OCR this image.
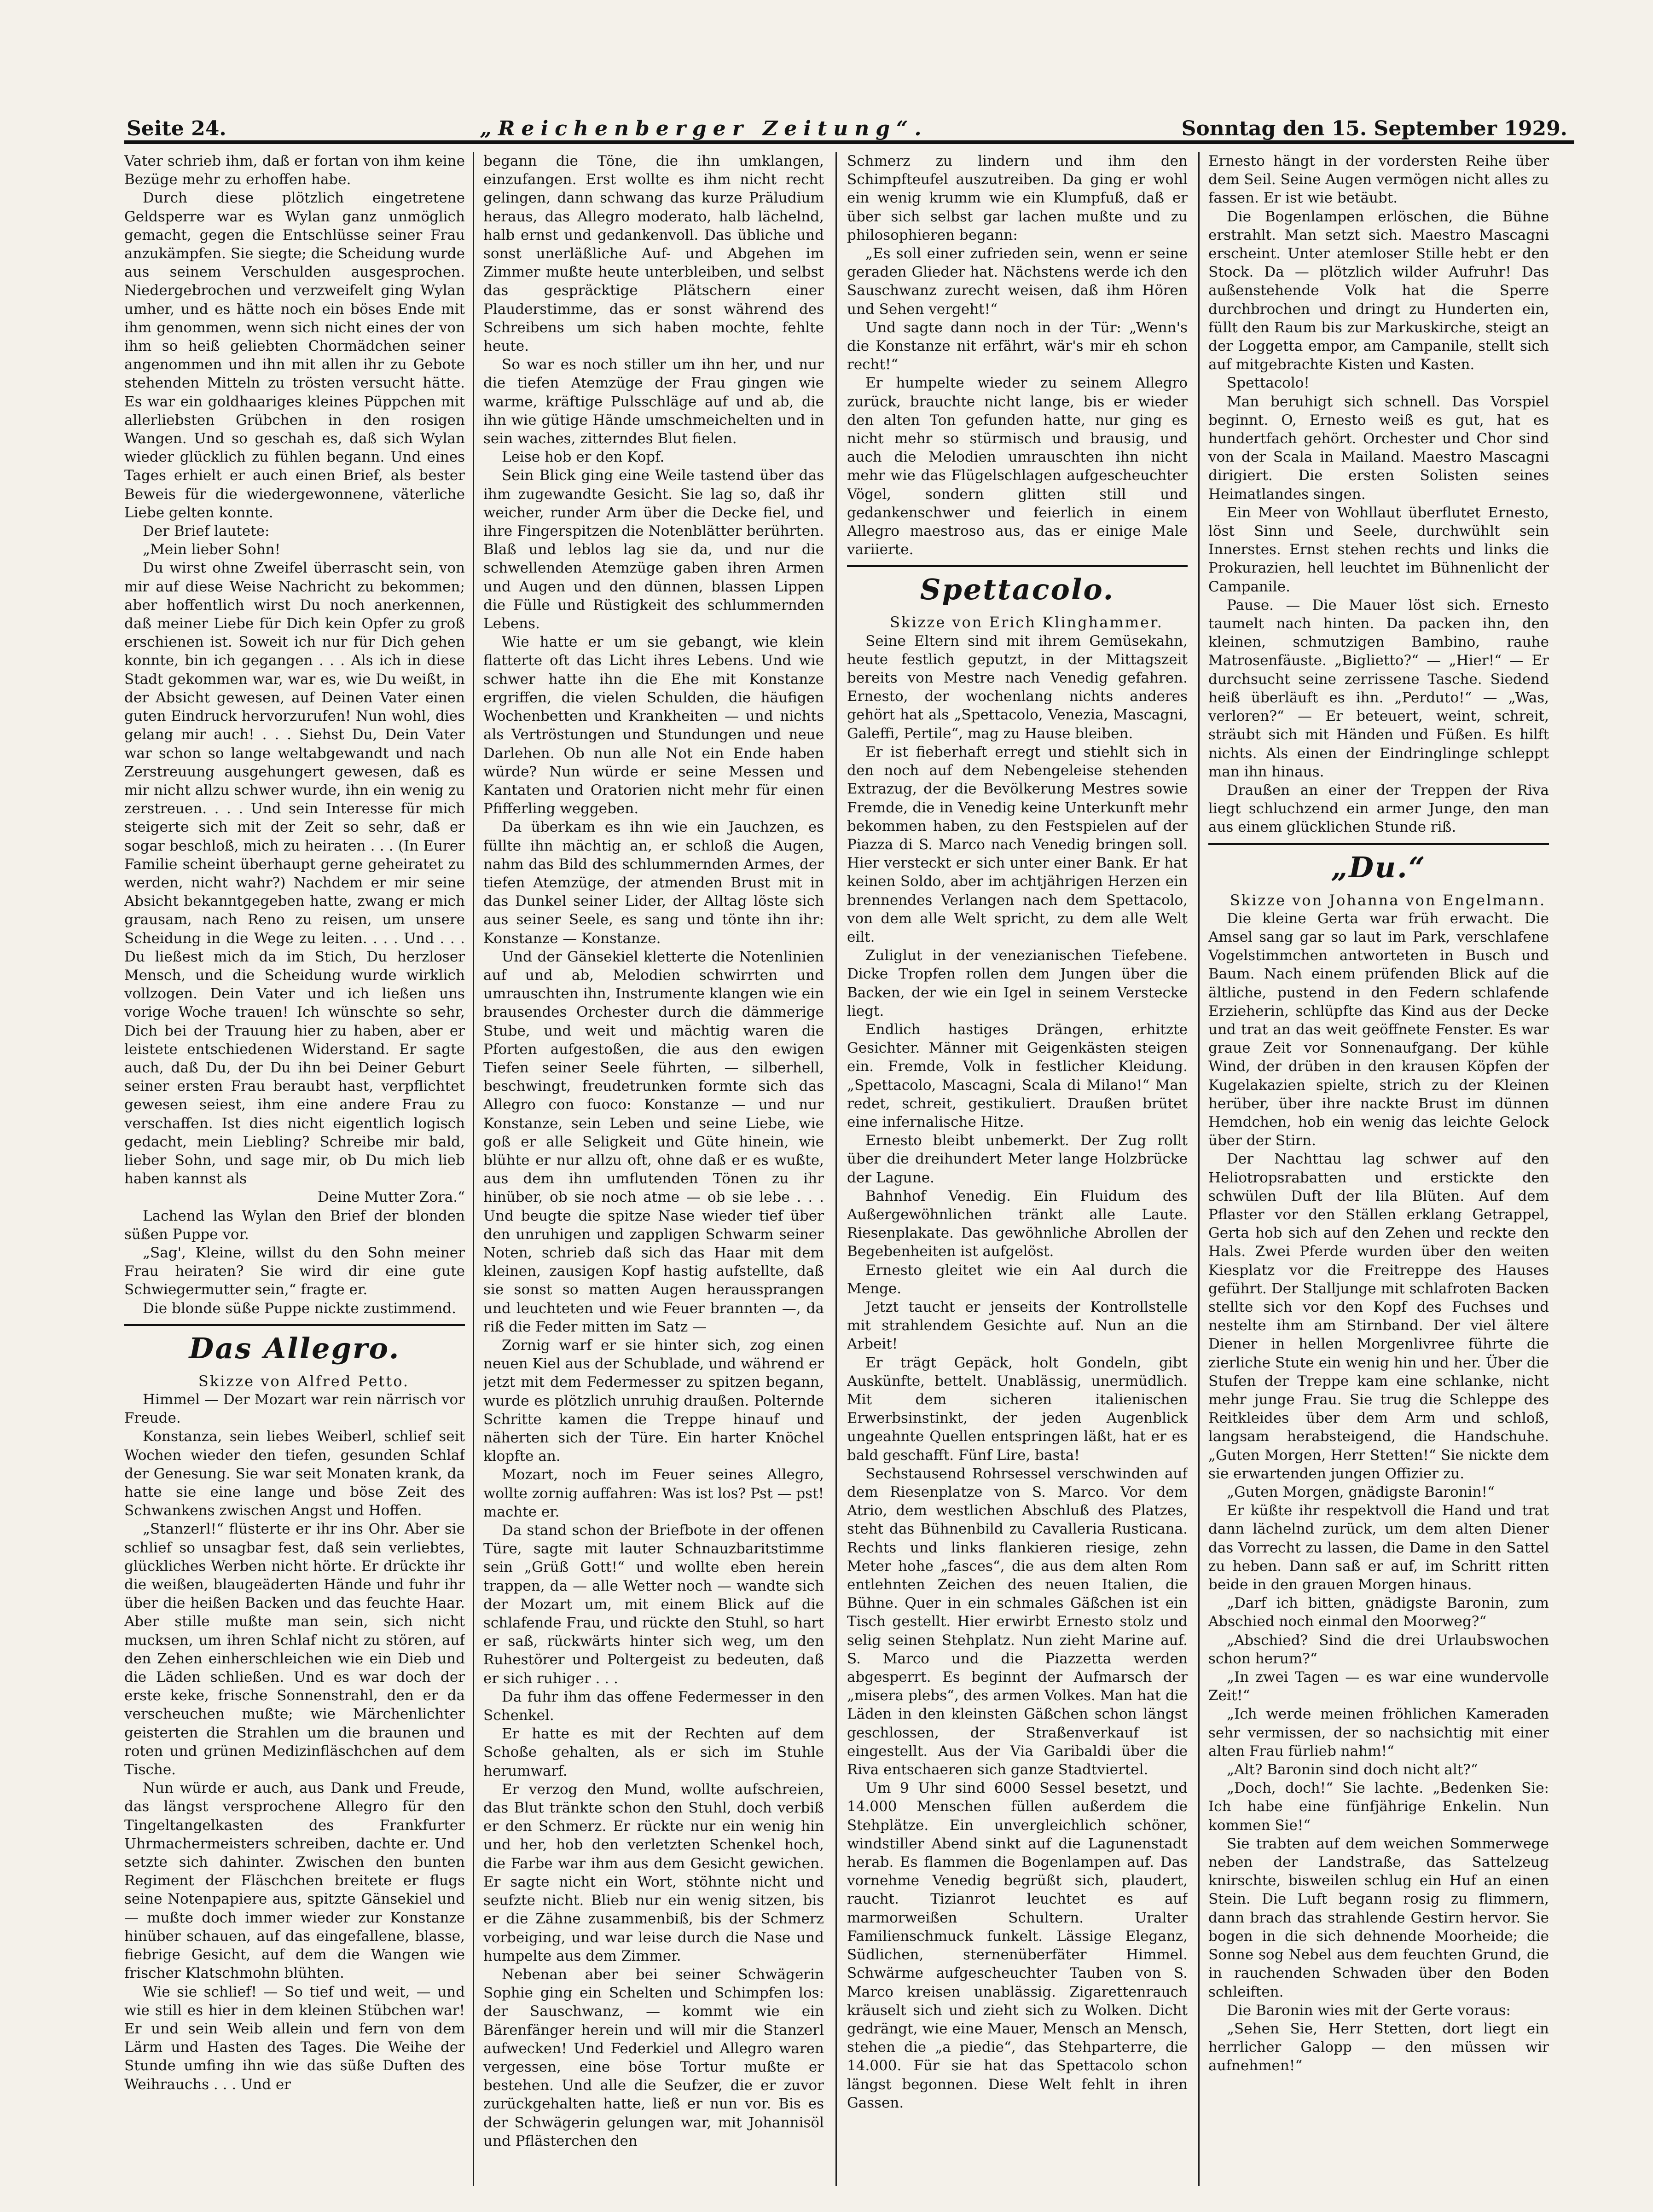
Seite 24.	„Reichenberger Zeitung“.	Sonntag den 15. September 1929.

Vater schrieb ihm, daß er fortan von ihm keine Bezüge mehr zu erhoffen habe.

Durch diese plötzlich eingetretene Geldsperre war es Wylan ganz unmöglich gemacht, gegen die Entschlüsse seiner Frau anzukämpfen. Sie siegte; die Scheidung wurde aus seinem Verschulden ausgesprochen. Niedergebrochen und verzweifelt ging Wylan umher, und es hätte noch ein böses Ende mit ihm genommen, wenn sich nicht eines der von ihm so heiß geliebten Chormädchen seiner angenommen und ihn mit allen ihr zu Gebote stehenden Mitteln zu trösten versucht hätte. Es war ein goldhaariges kleines Püppchen mit allerliebsten Grübchen in den rosigen Wangen. Und so geschah es, daß sich Wylan wieder glücklich zu fühlen begann. Und eines Tages erhielt er auch einen Brief, als bester Beweis für die wiedergewonnene, väterliche Liebe gelten konnte.

Der Brief lautete:

„Mein lieber Sohn!

Du wirst ohne Zweifel überrascht sein, von mir auf diese Weise Nachricht zu bekommen; aber hoffentlich wirst Du noch anerkennen, daß meiner Liebe für Dich kein Opfer zu groß erschienen ist. Soweit ich nur für Dich gehen konnte, bin ich gegangen . . . Als ich in diese Stadt gekommen war, war es, wie Du weißt, in der Absicht gewesen, auf Deinen Vater einen guten Eindruck hervorzurufen! Nun wohl, dies gelang mir auch! . . . Siehst Du, Dein Vater war schon so lange weltabgewandt und nach Zerstreuung ausgehungert gewesen, daß es mir nicht allzu schwer wurde, ihn ein wenig zu zerstreuen. . . . Und sein Interesse für mich steigerte sich mit der Zeit so sehr, daß er sogar beschloß, mich zu heiraten . . . (In Eurer Familie scheint überhaupt gerne geheiratet zu werden, nicht wahr?) Nachdem er mir seine Absicht bekanntgegeben hatte, zwang er mich grausam, nach Reno zu reisen, um unsere Scheidung in die Wege zu leiten. . . . Und . . . Du ließest mich da im Stich, Du herzloser Mensch, und die Scheidung wurde wirklich vollzogen. Dein Vater und ich ließen uns vorige Woche trauen! Ich wünschte so sehr, Dich bei der Trauung hier zu haben, aber er leistete entschiedenen Widerstand. Er sagte auch, daß Du, der Du ihn bei Deiner Geburt seiner ersten Frau beraubt hast, verpflichtet gewesen seiest, ihm eine andere Frau zu verschaffen. Ist dies nicht eigentlich logisch gedacht, mein Liebling? Schreibe mir bald, lieber Sohn, und sage mir, ob Du mich lieb haben kannst als

Deine Mutter Zora.“

Lachend las Wylan den Brief der blonden süßen Puppe vor.

„Sag', Kleine, willst du den Sohn meiner Frau heiraten? Sie wird dir eine gute Schwiegermutter sein,“ fragte er.

Die blonde süße Puppe nickte zustimmend.

Das Allegro.

Skizze von Alfred Petto.

Himmel — Der Mozart war rein närrisch vor Freude.

Konstanza, sein liebes Weiberl, schlief seit Wochen wieder den tiefen, gesunden Schlaf der Genesung. Sie war seit Monaten krank, da hatte sie eine lange und böse Zeit des Schwankens zwischen Angst und Hoffen.

„Stanzerl!“ flüsterte er ihr ins Ohr. Aber sie schlief so unsagbar fest, daß sein verliebtes, glückliches Werben nicht hörte. Er drückte ihr die weißen, blaugeäderten Hände und fuhr ihr über die heißen Backen und das feuchte Haar. Aber stille mußte man sein, sich nicht mucksen, um ihren Schlaf nicht zu stören, auf den Zehen einherschleichen wie ein Dieb und die Läden schließen. Und es war doch der erste keke, frische Sonnenstrahl, den er da verscheuchen mußte; wie Märchenlichter geisterten die Strahlen um die braunen und roten und grünen Medizinfläschchen auf dem Tische.

Nun würde er auch, aus Dank und Freude, das längst versprochene Allegro für den Tingeltangelkasten des Frankfurter Uhrmachermeisters schreiben, dachte er. Und setzte sich dahinter. Zwischen den bunten Regiment der Fläschchen breitete er flugs seine Notenpapiere aus, spitzte Gänsekiel und — mußte doch immer wieder zur Konstanze hinüber schauen, auf das eingefallene, blasse, fiebrige Gesicht, auf dem die Wangen wie frischer Klatschmohn blühten.

Wie sie schlief! — So tief und weit, — und wie still es hier in dem kleinen Stübchen war! Er und sein Weib allein und fern von dem Lärm und Hasten des Tages. Die Weihe der Stunde umfing ihn wie das süße Duften des Weihrauchs . . . Und er

begann die Töne, die ihn umklangen, einzufangen. Erst wollte es ihm nicht recht gelingen, dann schwang das kurze Präludium heraus, das Allegro moderato, halb lächelnd, halb ernst und gedankenvoll. Das übliche und sonst unerläßliche Auf- und Abgehen im Zimmer mußte heute unterbleiben, und selbst das gespräcktige Plätschern einer Plauderstimme, das er sonst während des Schreibens um sich haben mochte, fehlte heute.

So war es noch stiller um ihn her, und nur die tiefen Atemzüge der Frau gingen wie warme, kräftige Pulsschläge auf und ab, die ihn wie gütige Hände umschmeichelten und in sein waches, zitterndes Blut fielen.

Leise hob er den Kopf.

Sein Blick ging eine Weile tastend über das ihm zugewandte Gesicht. Sie lag so, daß ihr weicher, runder Arm über die Decke fiel, und ihre Fingerspitzen die Notenblätter berührten. Blaß und leblos lag sie da, und nur die schwellenden Atemzüge gaben ihren Armen und Augen und den dünnen, blassen Lippen die Fülle und Rüstigkeit des schlummernden Lebens.

Wie hatte er um sie gebangt, wie klein flatterte oft das Licht ihres Lebens. Und wie schwer hatte ihn die Ehe mit Konstanze ergriffen, die vielen Schulden, die häufigen Wochenbetten und Krankheiten — und nichts als Vertröstungen und Stundungen und neue Darlehen. Ob nun alle Not ein Ende haben würde? Nun würde er seine Messen und Kantaten und Oratorien nicht mehr für einen Pfifferling weggeben.

Da überkam es ihn wie ein Jauchzen, es füllte ihn mächtig an, er schloß die Augen, nahm das Bild des schlummernden Armes, der tiefen Atemzüge, der atmenden Brust mit in das Dunkel seiner Lider, der Alltag löste sich aus seiner Seele, es sang und tönte ihn ihr: Konstanze — Konstanze.

Und der Gänsekiel kletterte die Notenlinien auf und ab, Melodien schwirrten und umrauschten ihn, Instrumente klangen wie ein brausendes Orchester durch die dämmerige Stube, und weit und mächtig waren die Pforten aufgestoßen, die aus den ewigen Tiefen seiner Seele führten, — silberhell, beschwingt, freudetrunken formte sich das Allegro con fuoco: Konstanze — und nur Konstanze, sein Leben und seine Liebe, wie goß er alle Seligkeit und Güte hinein, wie blühte er nur allzu oft, ohne daß er es wußte, aus dem ihn umflutenden Tönen zu ihr hinüber, ob sie noch atme — ob sie lebe . . . Und beugte die spitze Nase wieder tief über den unruhigen und zappligen Schwarm seiner Noten, schrieb daß sich das Haar mit dem kleinen, zausigen Kopf hastig aufstellte, daß sie sonst so matten Augen heraussprangen und leuchteten und wie Feuer brannten —, da riß die Feder mitten im Satz —

Zornig warf er sie hinter sich, zog einen neuen Kiel aus der Schublade, und während er jetzt mit dem Federmesser zu spitzen begann, wurde es plötzlich unruhig draußen. Polternde Schritte kamen die Treppe hinauf und näherten sich der Türe. Ein harter Knöchel klopfte an.

Mozart, noch im Feuer seines Allegro, wollte zornig auffahren: Was ist los? Pst — pst! machte er.

Da stand schon der Briefbote in der offenen Türe, sagte mit lauter Schnauzbaritstimme sein „Grüß Gott!“ und wollte eben herein trappen, da — alle Wetter noch — wandte sich der Mozart um, mit einem Blick auf die schlafende Frau, und rückte den Stuhl, so hart er saß, rückwärts hinter sich weg, um den Ruhestörer und Poltergeist zu bedeuten, daß er sich ruhiger . . .

Da fuhr ihm das offene Federmesser in den Schenkel.

Er hatte es mit der Rechten auf dem Schoße gehalten, als er sich im Stuhle herumwarf.

Er verzog den Mund, wollte aufschreien, das Blut tränkte schon den Stuhl, doch verbiß er den Schmerz. Er rückte nur ein wenig hin und her, hob den verletzten Schenkel hoch, die Farbe war ihm aus dem Gesicht gewichen. Er sagte nicht ein Wort, stöhnte nicht und seufzte nicht. Blieb nur ein wenig sitzen, bis er die Zähne zusammenbiß, bis der Schmerz vorbeiging, und war leise durch die Nase und humpelte aus dem Zimmer.

Nebenan aber bei seiner Schwägerin Sophie ging ein Schelten und Schimpfen los: der Sauschwanz, — kommt wie ein Bärenfänger herein und will mir die Stanzerl aufwecken! Und Federkiel und Allegro waren vergessen, eine böse Tortur mußte er bestehen. Und alle die Seufzer, die er zuvor zurückgehalten hatte, ließ er nun vor. Bis es der Schwägerin gelungen war, mit Johannisöl und Pflästerchen den

Schmerz zu lindern und ihm den Schimpfteufel auszutreiben. Da ging er wohl ein wenig krumm wie ein Klumpfuß, daß er über sich selbst gar lachen mußte und zu philosophieren begann:

„Es soll einer zufrieden sein, wenn er seine geraden Glieder hat. Nächstens werde ich den Sauschwanz zurecht weisen, daß ihm Hören und Sehen vergeht!“

Und sagte dann noch in der Tür: „Wenn's die Konstanze nit erfährt, wär's mir eh schon recht!“

Er humpelte wieder zu seinem Allegro zurück, brauchte nicht lange, bis er wieder den alten Ton gefunden hatte, nur ging es nicht mehr so stürmisch und brausig, und auch die Melodien umrauschten ihn nicht mehr wie das Flügelschlagen aufgescheuchter Vögel, sondern glitten still und gedankenschwer und feierlich in einem Allegro maestroso aus, das er einige Male variierte.

Spettacolo.

Skizze von Erich Klinghammer.

Seine Eltern sind mit ihrem Gemüsekahn, heute festlich geputzt, in der Mittagszeit bereits von Mestre nach Venedig gefahren. Ernesto, der wochenlang nichts anderes gehört hat als „Spettacolo, Venezia, Mascagni, Galeffi, Pertile“, mag zu Hause bleiben.

Er ist fieberhaft erregt und stiehlt sich in den noch auf dem Nebengeleise stehenden Extrazug, der die Bevölkerung Mestres sowie Fremde, die in Venedig keine Unterkunft mehr bekommen haben, zu den Festspielen auf der Piazza di S. Marco nach Venedig bringen soll. Hier versteckt er sich unter einer Bank. Er hat keinen Soldo, aber im achtjährigen Herzen ein brennendes Verlangen nach dem Spettacolo, von dem alle Welt spricht, zu dem alle Welt eilt.

Zuliglut in der venezianischen Tiefebene. Dicke Tropfen rollen dem Jungen über die Backen, der wie ein Igel in seinem Verstecke liegt.

Endlich hastiges Drängen, erhitzte Gesichter. Männer mit Geigenkästen steigen ein. Fremde, Volk in festlicher Kleidung. „Spettacolo, Mascagni, Scala di Milano!“ Man redet, schreit, gestikuliert. Draußen brütet eine infernalische Hitze.

Ernesto bleibt unbemerkt. Der Zug rollt über die dreihundert Meter lange Holzbrücke der Lagune.

Bahnhof Venedig. Ein Fluidum des Außergewöhnlichen tränkt alle Laute. Riesenplakate. Das gewöhnliche Abrollen der Begebenheiten ist aufgelöst.

Ernesto gleitet wie ein Aal durch die Menge.

Jetzt taucht er jenseits der Kontrollstelle mit strahlendem Gesichte auf. Nun an die Arbeit!

Er trägt Gepäck, holt Gondeln, gibt Auskünfte, bettelt. Unablässig, unermüdlich. Mit dem sicheren italienischen Erwerbsinstinkt, der jeden Augenblick ungeahnte Quellen entspringen läßt, hat er es bald geschafft. Fünf Lire, basta!

Sechstausend Rohrsessel verschwinden auf dem Riesenplatze von S. Marco. Vor dem Atrio, dem westlichen Abschluß des Platzes, steht das Bühnenbild zu Cavalleria Rusticana. Rechts und links flankieren riesige, zehn Meter hohe „fasces“, die aus dem alten Rom entlehnten Zeichen des neuen Italien, die Bühne. Quer in ein schmales Gäßchen ist ein Tisch gestellt. Hier erwirbt Ernesto stolz und selig seinen Stehplatz. Nun zieht Marine auf. S. Marco und die Piazzetta werden abgesperrt. Es beginnt der Aufmarsch der „misera plebs“, des armen Volkes. Man hat die Läden in den kleinsten Gäßchen schon längst geschlossen, der Straßenverkauf ist eingestellt. Aus der Via Garibaldi über die Riva entschaeren sich ganze Stadtviertel.

Um 9 Uhr sind 6000 Sessel besetzt, und 14.000 Menschen füllen außerdem die Stehplätze. Ein unvergleichlich schöner, windstiller Abend sinkt auf die Lagunenstadt herab. Es flammen die Bogenlampen auf. Das vornehme Venedig begrüßt sich, plaudert, raucht. Tizianrot leuchtet es auf marmorweißen Schultern. Uralter Familienschmuck funkelt. Lässige Eleganz, Südlichen, sternenüberfäter Himmel. Schwärme aufgescheuchter Tauben von S. Marco kreisen unablässig. Zigarettenrauch kräuselt sich und zieht sich zu Wolken. Dicht gedrängt, wie eine Mauer, Mensch an Mensch, stehen die „a piedie“, das Stehparterre, die 14.000. Für sie hat das Spettacolo schon längst begonnen. Diese Welt fehlt in ihren Gassen.

Ernesto hängt in der vordersten Reihe über dem Seil. Seine Augen vermögen nicht alles zu fassen. Er ist wie betäubt.

Die Bogenlampen erlöschen, die Bühne erstrahlt. Man setzt sich. Maestro Mascagni erscheint. Unter atemloser Stille hebt er den Stock. Da — plötzlich wilder Aufruhr! Das außenstehende Volk hat die Sperre durchbrochen und dringt zu Hunderten ein, füllt den Raum bis zur Markuskirche, steigt an der Loggetta empor, am Campanile, stellt sich auf mitgebrachte Kisten und Kasten.

Spettacolo!

Man beruhigt sich schnell. Das Vorspiel beginnt. O, Ernesto weiß es gut, hat es hundertfach gehört. Orchester und Chor sind von der Scala in Mailand. Maestro Mascagni dirigiert. Die ersten Solisten seines Heimatlandes singen.

Ein Meer von Wohllaut überflutet Ernesto, löst Sinn und Seele, durchwühlt sein Innerstes. Ernst stehen rechts und links die Prokurazien, hell leuchtet im Bühnenlicht der Campanile.

Pause. — Die Mauer löst sich. Ernesto taumelt nach hinten. Da packen ihn, den kleinen, schmutzigen Bambino, rauhe Matrosenfäuste. „Biglietto?“ — „Hier!“ — Er durchsucht seine zerrissene Tasche. Siedend heiß überläuft es ihn. „Perduto!“ — „Was, verloren?“ — Er beteuert, weint, schreit, sträubt sich mit Händen und Füßen. Es hilft nichts. Als einen der Eindringlinge schleppt man ihn hinaus.

Draußen an einer der Treppen der Riva liegt schluchzend ein armer Junge, den man aus einem glücklichen Stunde riß.

„Du.“

Skizze von Johanna von Engelmann.

Die kleine Gerta war früh erwacht. Die Amsel sang gar so laut im Park, verschlafene Vogelstimmchen antworteten in Busch und Baum. Nach einem prüfenden Blick auf die ältliche, pustend in den Federn schlafende Erzieherin, schlüpfte das Kind aus der Decke und trat an das weit geöffnete Fenster. Es war graue Zeit vor Sonnenaufgang. Der kühle Wind, der drüben in den krausen Köpfen der Kugelakazien spielte, strich zu der Kleinen herüber, über ihre nackte Brust im dünnen Hemdchen, hob ein wenig das leichte Gelock über der Stirn.

Der Nachttau lag schwer auf den Heliotropsrabatten und erstickte den schwülen Duft der lila Blüten. Auf dem Pflaster vor den Ställen erklang Getrappel, Gerta hob sich auf den Zehen und reckte den Hals. Zwei Pferde wurden über den weiten Kiesplatz vor die Freitreppe des Hauses geführt. Der Stalljunge mit schlafroten Backen stellte sich vor den Kopf des Fuchses und nestelte ihm am Stirnband. Der viel ältere Diener in hellen Morgenlivree führte die zierliche Stute ein wenig hin und her. Über die Stufen der Treppe kam eine schlanke, nicht mehr junge Frau. Sie trug die Schleppe des Reitkleides über dem Arm und schloß, langsam herabsteigend, die Handschuhe. „Guten Morgen, Herr Stetten!“ Sie nickte dem sie erwartenden jungen Offizier zu.

„Guten Morgen, gnädigste Baronin!“

Er küßte ihr respektvoll die Hand und trat dann lächelnd zurück, um dem alten Diener das Vorrecht zu lassen, die Dame in den Sattel zu heben. Dann saß er auf, im Schritt ritten beide in den grauen Morgen hinaus.

„Darf ich bitten, gnädigste Baronin, zum Abschied noch einmal den Moorweg?“

„Abschied? Sind die drei Urlaubswochen schon herum?“

„In zwei Tagen — es war eine wundervolle Zeit!“

„Ich werde meinen fröhlichen Kameraden sehr vermissen, der so nachsichtig mit einer alten Frau fürlieb nahm!“

„Alt? Baronin sind doch nicht alt?“

„Doch, doch!“ Sie lachte. „Bedenken Sie: Ich habe eine fünfjährige Enkelin. Nun kommen Sie!“

Sie trabten auf dem weichen Sommerwege neben der Landstraße, das Sattelzeug knirschte, bisweilen schlug ein Huf an einen Stein. Die Luft begann rosig zu flimmern, dann brach das strahlende Gestirn hervor. Sie bogen in die sich dehnende Moorheide; die Sonne sog Nebel aus dem feuchten Grund, die in rauchenden Schwaden über den Boden schleiften.

Die Baronin wies mit der Gerte voraus:

„Sehen Sie, Herr Stetten, dort liegt ein herrlicher Galopp — den müssen wir aufnehmen!“
